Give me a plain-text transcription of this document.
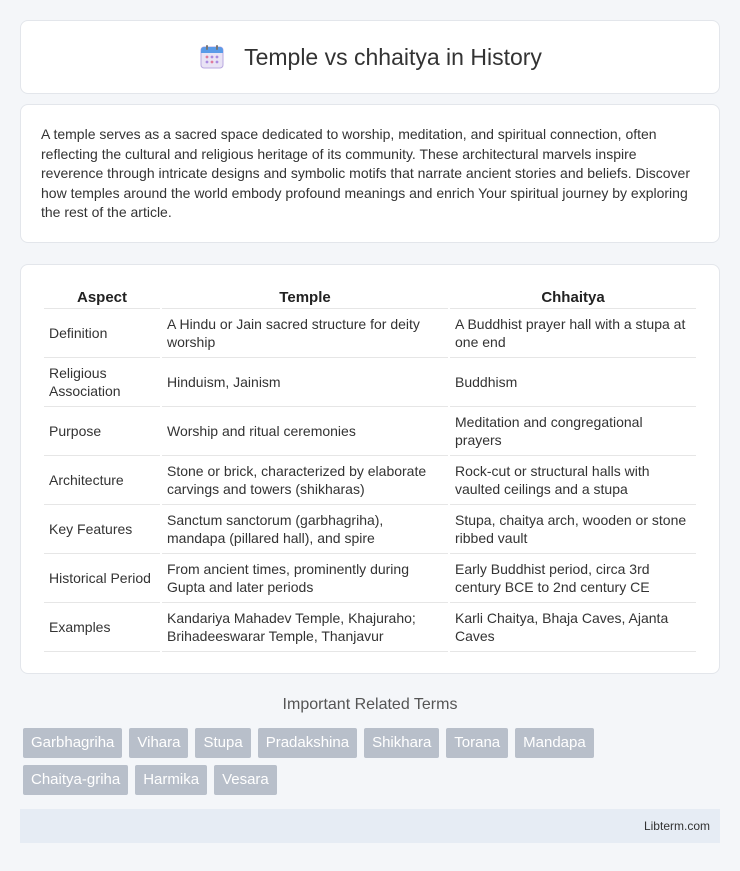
Temple vs chhaitya in History

A temple serves as a sacred space dedicated to worship, meditation, and spiritual connection, often reflecting the cultural and religious heritage of its community. These architectural marvels inspire reverence through intricate designs and symbolic motifs that narrate ancient stories and beliefs. Discover how temples around the world embody profound meanings and enrich Your spiritual journey by exploring the rest of the article.

Aspect	Temple	Chhaitya
Definition	A Hindu or Jain sacred structure for deity worship	A Buddhist prayer hall with a stupa at one end
Religious Association	Hinduism, Jainism	Buddhism
Purpose	Worship and ritual ceremonies	Meditation and congregational prayers
Architecture	Stone or brick, characterized by elaborate carvings and towers (shikharas)	Rock-cut or structural halls with vaulted ceilings and a stupa
Key Features	Sanctum sanctorum (garbhagriha), mandapa (pillared hall), and spire	Stupa, chaitya arch, wooden or stone ribbed vault
Historical Period	From ancient times, prominently during Gupta and later periods	Early Buddhist period, circa 3rd century BCE to 2nd century CE
Examples	Kandariya Mahadev Temple, Khajuraho; Brihadeeswarar Temple, Thanjavur	Karli Chaitya, Bhaja Caves, Ajanta Caves
Important Related Terms
Garbhagriha	Vihara	Stupa	Pradakshina	Shikhara	Torana	Mandapa
Chaitya-griha	Harmika	Vesara
Libterm.com
